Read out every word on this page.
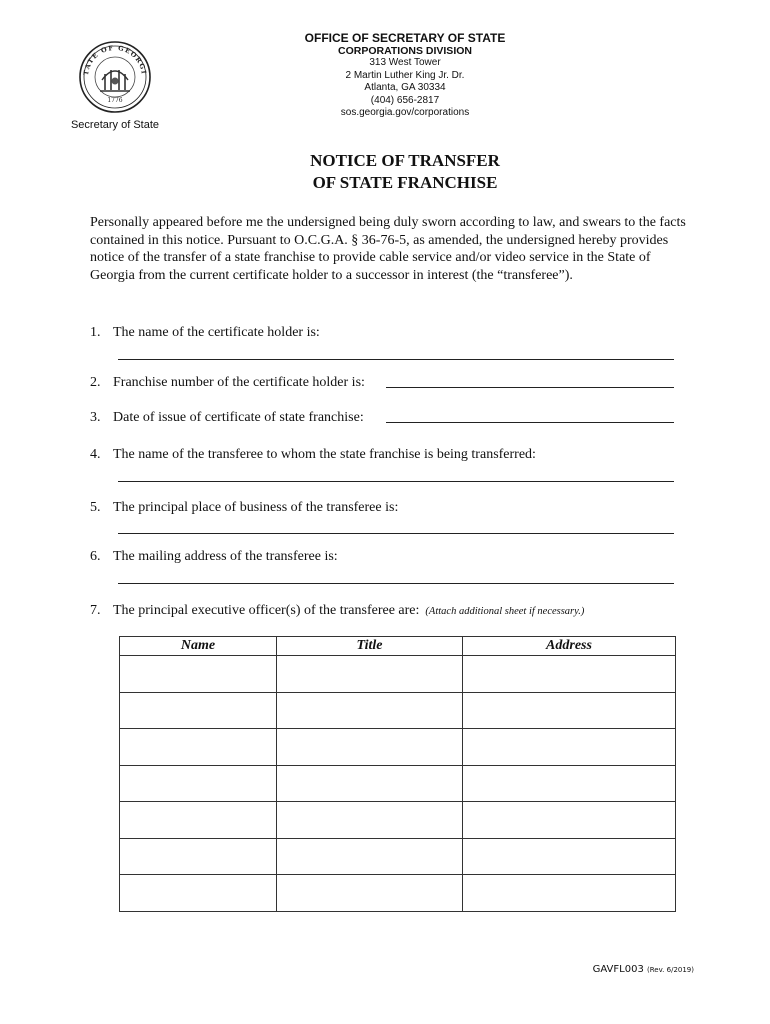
TATE OF GEORGI
1776
Secretary of State
OFFICE OF SECRETARY OF STATE
CORPORATIONS DIVISION
313 West Tower
2 Martin Luther King Jr. Dr.
Atlanta, GA 30334
(404) 656-2817
sos.georgia.gov/corporations
NOTICE OF TRANSFER
OF STATE FRANCHISE
Personally appeared before me the undersigned being duly sworn according to law, and swears to the facts contained in this notice. Pursuant to O.C.G.A. § 36-76-5, as amended, the undersigned hereby provides notice of the transfer of a state franchise to provide cable service and/or video service in the State of Georgia from the current certificate holder to a successor in interest (the “transferee”).
1. The name of the certificate holder is:
2. Franchise number of the certificate holder is:
3. Date of issue of certificate of state franchise:
4. The name of the transferee to whom the state franchise is being transferred:
5. The principal place of business of the transferee is:
6. The mailing address of the transferee is:
7. The principal executive officer(s) of the transferee are: (Attach additional sheet if necessary.)
Name	Title	Address

GAVFL003 (Rev. 6/2019)
